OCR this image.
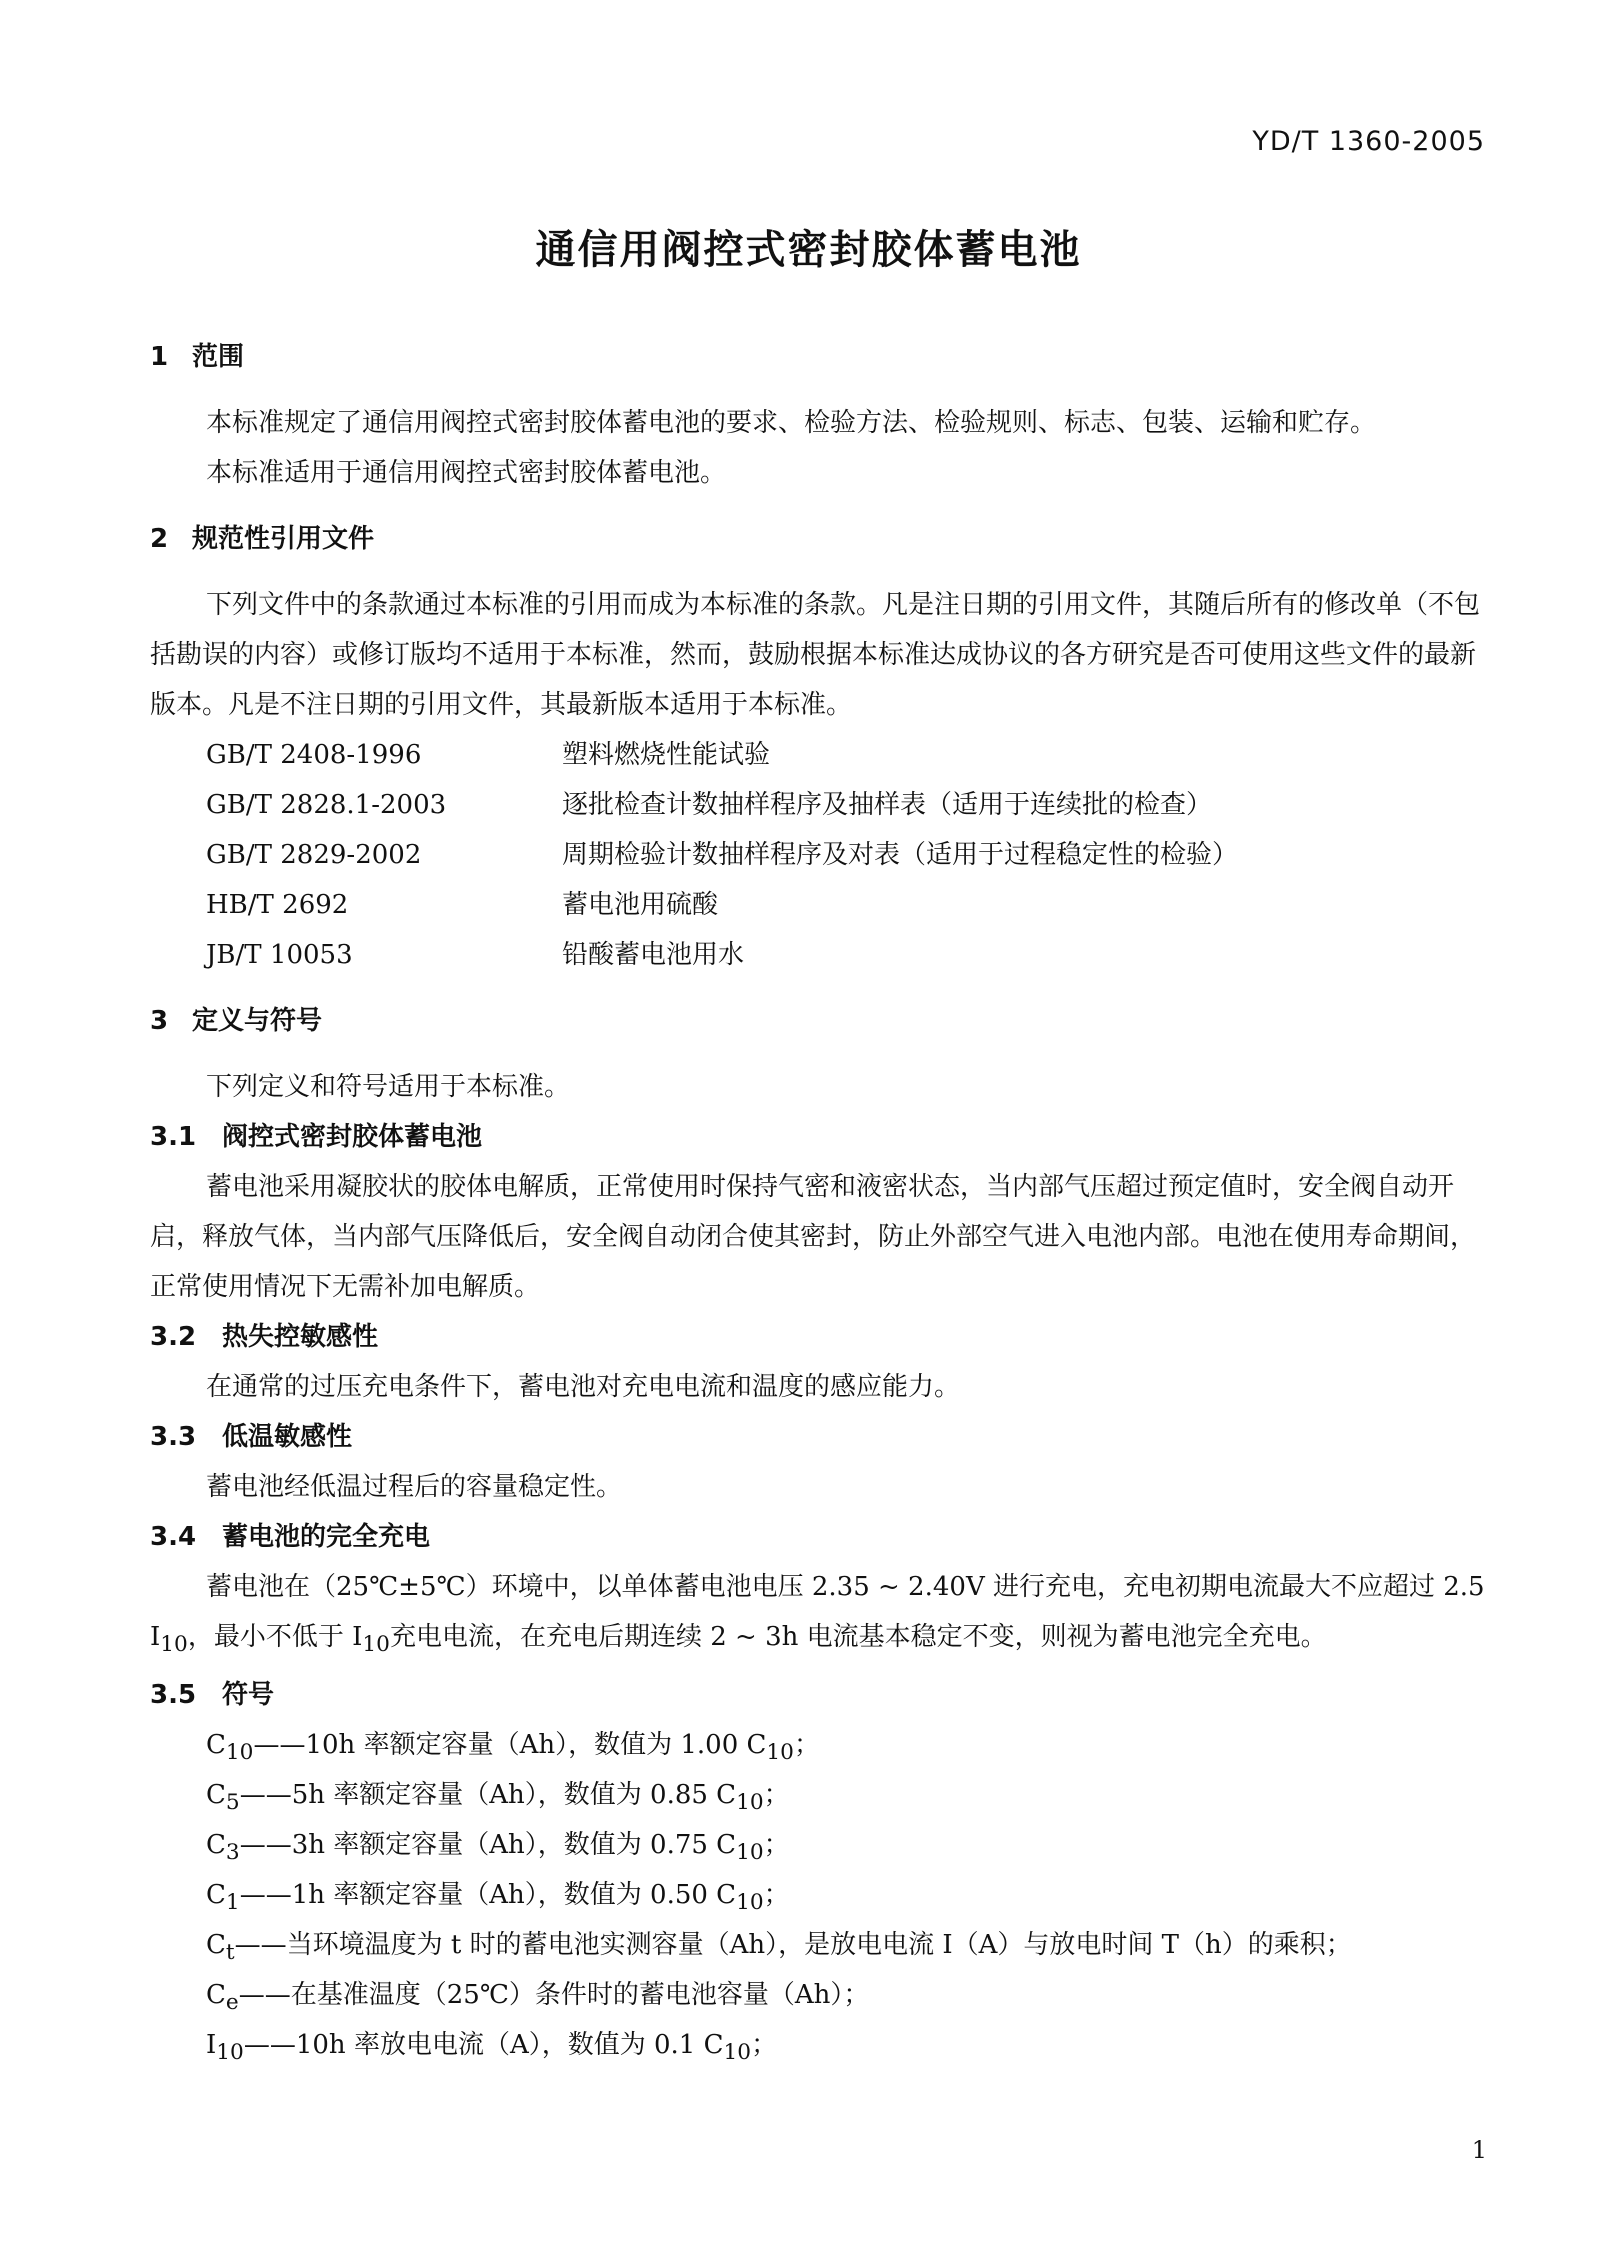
YD/T 1360-2005
通信用阀控式密封胶体蓄电池
1 范围
本标准规定了通信用阀控式密封胶体蓄电池的要求、检验方法、检验规则、标志、包装、运输和贮存。
本标准适用于通信用阀控式密封胶体蓄电池。
2 规范性引用文件
下列文件中的条款通过本标准的引用而成为本标准的条款。凡是注日期的引用文件，其随后所有的修改单（不包括勘误的内容）或修订版均不适用于本标准，然而，鼓励根据本标准达成协议的各方研究是否可使用这些文件的最新版本。凡是不注日期的引用文件，其最新版本适用于本标准。
GB/T 2408-1996	塑料燃烧性能试验
GB/T 2828.1-2003	逐批检查计数抽样程序及抽样表（适用于连续批的检查）
GB/T 2829-2002	周期检验计数抽样程序及对表（适用于过程稳定性的检验）
HB/T 2692	蓄电池用硫酸
JB/T 10053	铅酸蓄电池用水
3 定义与符号
下列定义和符号适用于本标准。
3.1 阀控式密封胶体蓄电池
蓄电池采用凝胶状的胶体电解质，正常使用时保持气密和液密状态，当内部气压超过预定值时，安全阀自动开启，释放气体，当内部气压降低后，安全阀自动闭合使其密封，防止外部空气进入电池内部。电池在使用寿命期间，正常使用情况下无需补加电解质。
3.2 热失控敏感性
在通常的过压充电条件下，蓄电池对充电电流和温度的感应能力。
3.3 低温敏感性
蓄电池经低温过程后的容量稳定性。
3.4 蓄电池的完全充电
蓄电池在（25℃±5℃）环境中，以单体蓄电池电压 2.35 ~ 2.40V 进行充电，充电初期电流最大不应超过 2.5 $I_{10}$，最小不低于 $I_{10}$充电电流，在充电后期连续 2 ~ 3h 电流基本稳定不变，则视为蓄电池完全充电。
3.5 符号
$C_{10}——10h$ 率额定容量（Ah），数值为 1.00 $C_{10}$；
$C_5——5h$ 率额定容量（Ah），数值为 0.85 $C_{10}$；
$C_3——3h$ 率额定容量（Ah），数值为 0.75 $C_{10}$；
$C_1——1h$ 率额定容量（Ah），数值为 0.50 $C_{10}$；
$C_t——$当环境温度为 t 时的蓄电池实测容量（Ah），是放电电流 I（A）与放电时间 T（h）的乘积；
$C_e——$在基准温度（25℃）条件时的蓄电池容量（Ah）；
$I_{10}——10h$ 率放电电流（A），数值为 0.1 $C_{10}$；
1
